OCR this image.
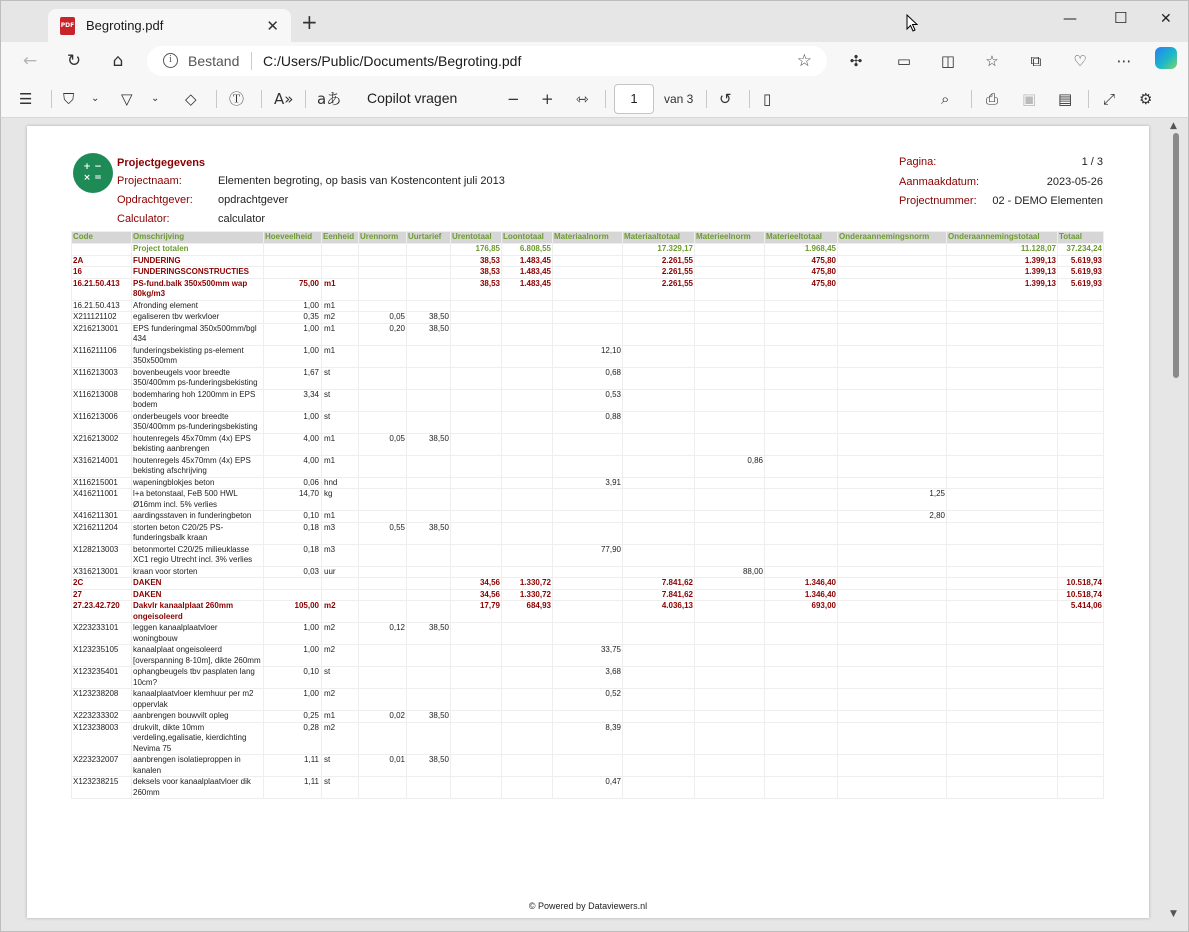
PDF Begroting.pdf	✕ +	— ☐ ✕
← ↻	⌂	i	Bestand C:/Users/Public/Documents/Begroting.pdf	☆	✣ ▭ ◫ ☆	⧉	♡ ⋯
☰ ⛉ ⌄ ▽ ⌄ ◇ Ⓣ A» aあ Copilot vragen	− + ⇿	1	van 3 ↺ ▯	⌕ ⎙ ▣ ▤ ⤢ ⚙
+ −
× =
Projectgegevens
Projectnaam:	Elementen begroting, op basis van Kostencontent juli 2013
Opdrachtgever: opdrachtgever
Calculator:	calculator
Pagina:	1 / 3
Aanmaakdatum:	2023-05-26
Projectnummer: 02 - DEMO Elementen
Code	Omschrijving	Hoeveelheid	Eenheid	Urennorm	Uurtarief	Urentotaal	Loontotaal	Materiaalnorm	Materiaaltotaal	Materieelnorm	Materieeltotaal	Onderaannemingsnorm	Onderaannemingstotaal	Totaal
	Project totalen					176,85	6.808,55		17.329,17		1.968,45		11.128,07	37.234,24
2A	FUNDERING					38,53	1.483,45		2.261,55		475,80		1.399,13	5.619,93
16	FUNDERINGSCONSTRUCTIES					38,53	1.483,45		2.261,55		475,80		1.399,13	5.619,93
16.21.50.413	PS-fund.balk 350x500mm wap 80kg/m3	75,00	m1			38,53	1.483,45		2.261,55		475,80		1.399,13	5.619,93
16.21.50.413	Afronding element	1,00	m1											
X211121102	egaliseren tbv werkvloer	0,35	m2	0,05	38,50									
X216213001	EPS funderingmal 350x500mm/bgl 434	1,00	m1	0,20	38,50									
X116211106	funderingsbekisting ps-element 350x500mm	1,00	m1					12,10						
X116213003	bovenbeugels voor breedte 350/400mm ps-funderingsbekisting	1,67	st					0,68						
X116213008	bodemharing hoh 1200mm in EPS bodem	3,34	st					0,53						
X116213006	onderbeugels voor breedte 350/400mm ps-funderingsbekisting	1,00	st					0,88						
X216213002	houtenregels 45x70mm (4x) EPS bekisting aanbrengen	4,00	m1	0,05	38,50									
X316214001	houtenregels 45x70mm (4x) EPS bekisting afschrijving	4,00	m1							0,86				
X116215001	wapeningblokjes beton	0,06	hnd					3,91						
X416211001	l+a betonstaal, FeB 500 HWL Ø16mm incl. 5% verlies	14,70	kg									1,25		
X416211301	aardingsstaven in funderingbeton	0,10	m1									2,80		
X216211204	storten beton C20/25 PS-funderingsbalk kraan	0,18	m3	0,55	38,50									
X128213003	betonmortel C20/25 milieuklasse XC1 regio Utrecht incl. 3% verlies	0,18	m3					77,90						
X316213001	kraan voor storten	0,03	uur							88,00				
2C	DAKEN					34,56	1.330,72		7.841,62		1.346,40			10.518,74
27	DAKEN					34,56	1.330,72		7.841,62		1.346,40			10.518,74
27.23.42.720	Dakvlr kanaalplaat 260mm ongeisoleerd	105,00	m2			17,79	684,93		4.036,13		693,00			5.414,06
X223233101	leggen kanaalplaatvloer woningbouw	1,00	m2	0,12	38,50									
X123235105	kanaalplaat ongeisoleerd [overspanning 8-10m], dikte 260mm	1,00	m2					33,75						
X123235401	ophangbeugels tbv pasplaten lang 10cm?	0,10	st					3,68						
X123238208	kanaalplaatvloer klemhuur per m2 oppervlak	1,00	m2					0,52						
X223233302	aanbrengen bouwvilt opleg	0,25	m1	0,02	38,50									
X123238003	drukvilt, dikte 10mm verdeling,egalisatie, kierdichting Nevima 75	0,28	m2					8,39						
X223232007	aanbrengen isolatieproppen in kanalen	1,11	st	0,01	38,50									
X123238215	deksels voor kanaalplaatvloer dik 260mm	1,11	st					0,47						
© Powered by Dataviewers.nl
▲
▼
